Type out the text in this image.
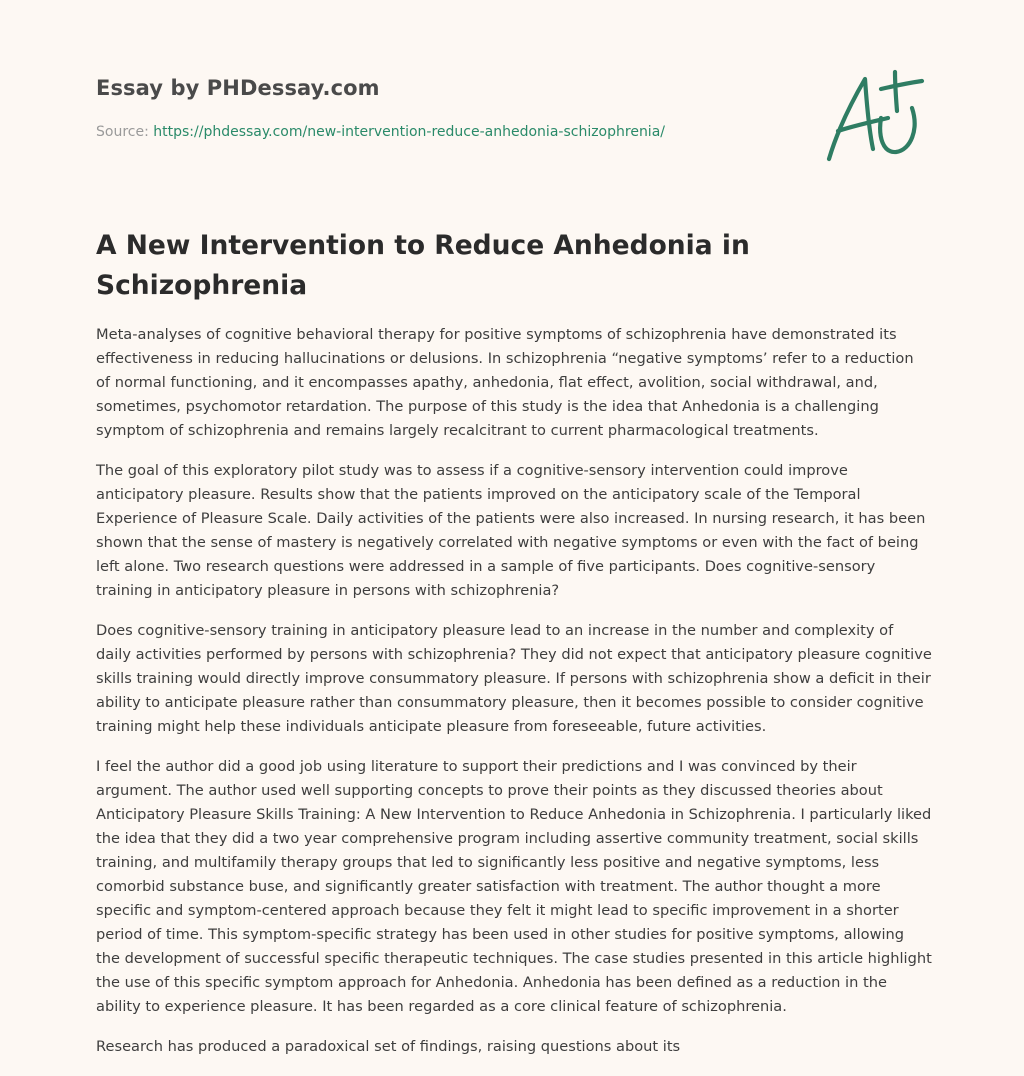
Essay by PHDessay.com

Source: https://phdessay.com/new-intervention-reduce-anhedonia-schizophrenia/

A New Intervention to Reduce Anhedonia in Schizophrenia

Meta-analyses of cognitive behavioral therapy for positive symptoms of schizophrenia have demonstrated its effectiveness in reducing hallucinations or delusions. In schizophrenia “negative symptoms’ refer to a reduction of normal functioning, and it encompasses apathy, anhedonia, flat effect, avolition, social withdrawal, and, sometimes, psychomotor retardation. The purpose of this study is the idea that Anhedonia is a challenging symptom of schizophrenia and remains largely recalcitrant to current pharmacological treatments.

The goal of this exploratory pilot study was to assess if a cognitive-sensory intervention could improve anticipatory pleasure. Results show that the patients improved on the anticipatory scale of the Temporal Experience of Pleasure Scale. Daily activities of the patients were also increased. In nursing research, it has been shown that the sense of mastery is negatively correlated with negative symptoms or even with the fact of being left alone. Two research questions were addressed in a sample of five participants. Does cognitive-sensory training in anticipatory pleasure in persons with schizophrenia?

Does cognitive-sensory training in anticipatory pleasure lead to an increase in the number and complexity of daily activities performed by persons with schizophrenia? They did not expect that anticipatory pleasure cognitive skills training would directly improve consummatory pleasure. If persons with schizophrenia show a deficit in their ability to anticipate pleasure rather than consummatory pleasure, then it becomes possible to consider cognitive training might help these individuals anticipate pleasure from foreseeable, future activities.

I feel the author did a good job using literature to support their predictions and I was convinced by their argument. The author used well supporting concepts to prove their points as they discussed theories about Anticipatory Pleasure Skills Training: A New Intervention to Reduce Anhedonia in Schizophrenia. I particularly liked the idea that they did a two year comprehensive program including assertive community treatment, social skills training, and multifamily therapy groups that led to significantly less positive and negative symptoms, less comorbid substance buse, and significantly greater satisfaction with treatment. The author thought a more specific and symptom-centered approach because they felt it might lead to specific improvement in a shorter period of time. This symptom-specific strategy has been used in other studies for positive symptoms, allowing the development of successful specific therapeutic techniques. The case studies presented in this article highlight the use of this specific symptom approach for Anhedonia. Anhedonia has been defined as a reduction in the ability to experience pleasure. It has been regarded as a core clinical feature of schizophrenia.

Research has produced a paradoxical set of findings, raising questions about its
